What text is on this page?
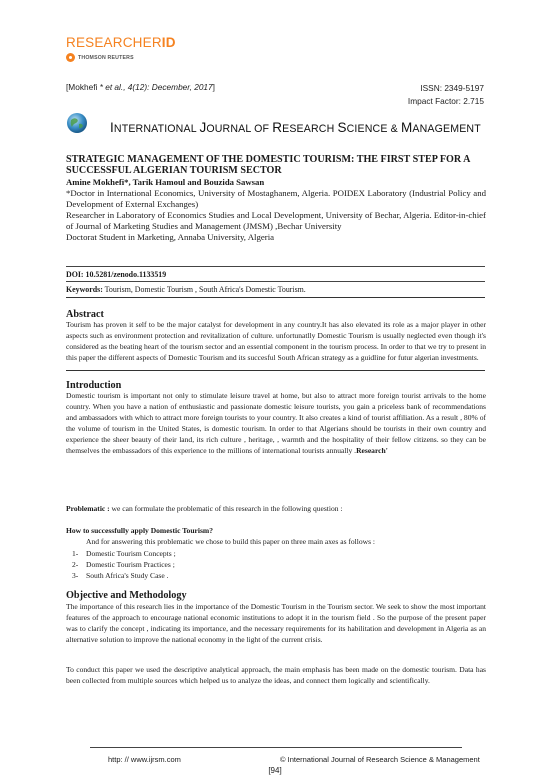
RESEARCHERID
THOMSON REUTERS
[Mokhefi * et al., 4(12): December, 2017]	ISSN: 2349-5197
Impact Factor: 2.715
INTERNATIONAL JOURNAL OF RESEARCH SCIENCE & MANAGEMENT
STRATEGIC MANAGEMENT OF THE DOMESTIC TOURISM: THE FIRST STEP FOR A SUCCESSFUL ALGERIAN TOURISM SECTOR
Amine Mokhefi*, Tarik Hamoul and Bouzida Sawsan
*Doctor in International Economics, University of Mostaghanem, Algeria. POIDEX Laboratory (Industrial Policy and Development of External Exchanges)
Researcher in Laboratory of Economics Studies and Local Development, University of Bechar, Algeria. Editor-in-chief of Journal of Marketing Studies and Management (JMSM) ,Bechar University
Doctorat Student in Marketing, Annaba University, Algeria
DOI: 10.5281/zenodo.1133519
Keywords: Tourism, Domestic Tourism , South Africa's Domestic Tourism.
Abstract
Tourism has proven it self to be the major catalyst for development in any country.It has also elevated its role as a major player in other aspects such as environment protection and revitalization of culture. unfortunatlly Domestic Tourism is usually neglected even though it's considered as the beating heart of the tourism sector and an essential component in the tourism process. In order to that we try to present in this paper the different aspects of Domestic Tourism and its succesful South African strategy as a guidline for futur algerian investments.
Introduction
Domestic tourism is important not only to stimulate leisure travel at home, but also to attract more foreign tourist arrivals to the home country. When you have a nation of enthusiastic and passionate domestic leisure tourists, you gain a priceless bank of recommendations and ambassadors with which to attract more foreign tourists to your country. It also creates a kind of tourist affiliation. As a result , 80% of the volume of tourism in the United States, is domestic tourism. In order to that Algerians should be tourists in their own country and experience the sheer beauty of their land, its rich culture , heritage, , warmth and the hospitality of their fellow citizens. so they can be themselves the embassadors of this experience to the millions of international tourists annually .Research'
Problematic : we can formulate the problematic of this research in the following question :
How to successfully apply Domestic Tourism?
And for answering this problematic we chose to build this paper on three main axes as follows :
1- Domestic Tourism Concepts ;
2- Domestic Tourism Practices ;
3- South Africa's Study Case .
Objective and Methodology
The importance of this research lies in the importance of the Domestic Tourism in the Tourism sector. We seek to show the most important features of the approach to encourage national economic institutions to adopt it in the tourism field . So the purpose of the present paper was to clarify the concept , indicating its importance, and the necessary requirements for its habilitation and development in Algeria as an alternative solution to improve the national economy in the light of the current crisis.
To conduct this paper we used the descriptive analytical approach, the main emphasis has been made on the domestic tourism. Data has been collected from multiple sources which helped us to analyze the ideas, and connect them logically and scientifically.
http: // www.ijrsm.com	© International Journal of Research Science & Management
[94]
